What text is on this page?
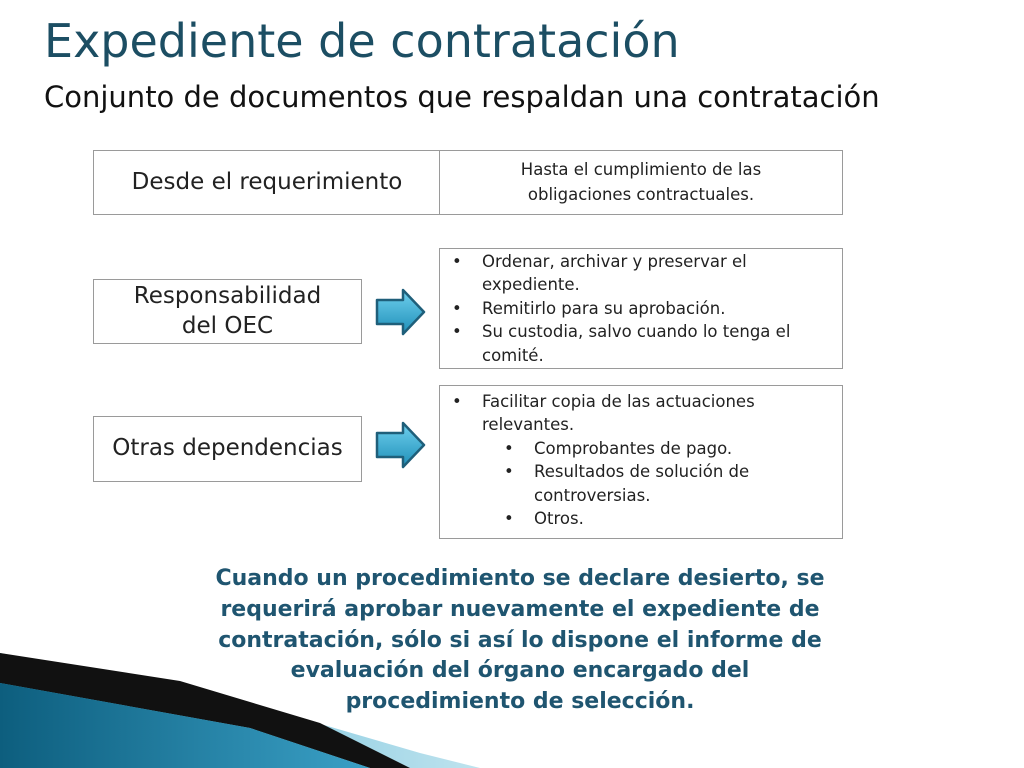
Expediente de contratación
Conjunto de documentos que respaldan una contratación
Desde el requerimiento	Hasta el cumplimiento de las
obligaciones contractuales.
Responsabilidad
del OEC
• Ordenar, archivar y preservar el expediente.
• Remitirlo para su aprobación.
• Su custodia, salvo cuando lo tenga el comité.
Otras dependencias
• Facilitar copia de las actuaciones relevantes.
• Comprobantes de pago.
• Resultados de solución de controversias.
• Otros.
Cuando un procedimiento se declare desierto, se requerirá aprobar nuevamente el expediente de contratación, sólo si así lo dispone el informe de evaluación del órgano encargado del procedimiento de selección.
